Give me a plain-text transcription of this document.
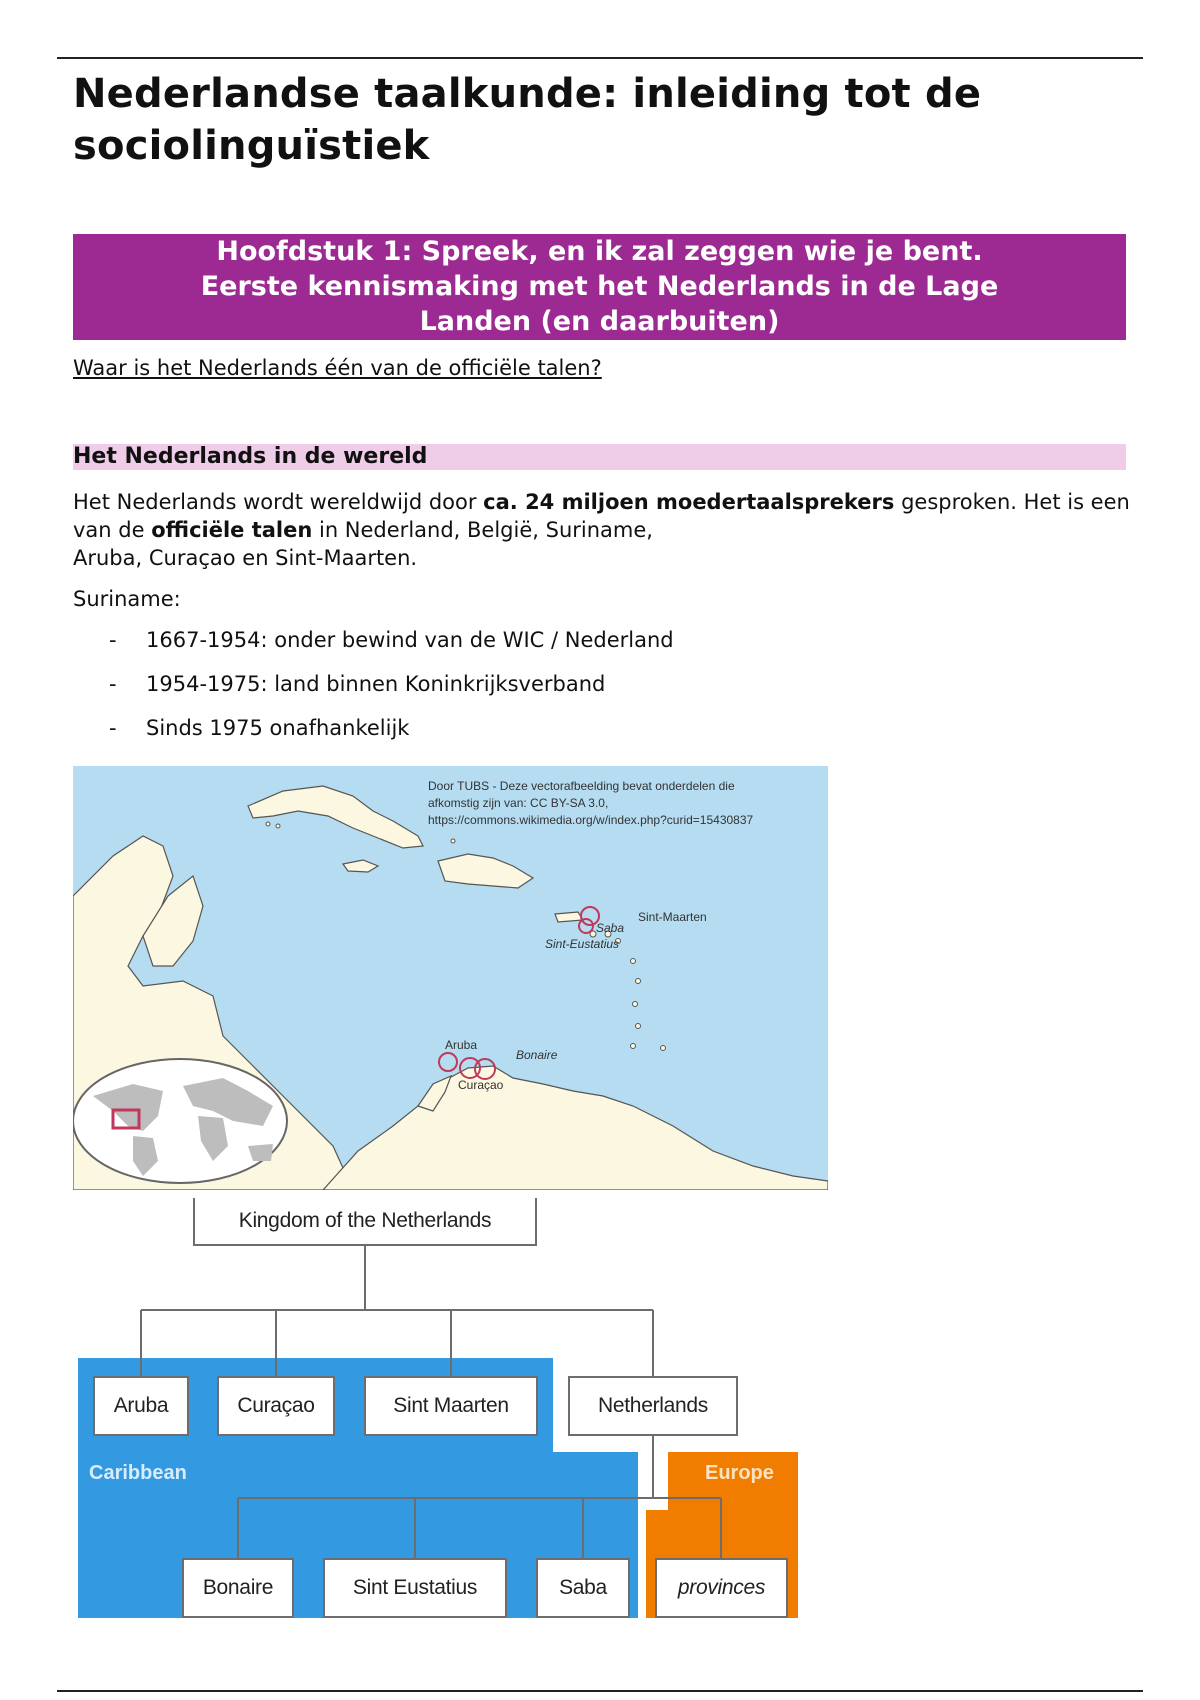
Nederlandse taalkunde: inleiding tot de sociolinguïstiek
Hoofdstuk 1: Spreek, en ik zal zeggen wie je bent. Eerste kennismaking met het Nederlands in de Lage Landen (en daarbuiten)
Waar is het Nederlands één van de officiële talen?
Het Nederlands in de wereld
Het Nederlands wordt wereldwijd door ca. 24 miljoen moedertaalsprekers gesproken. Het is een van de officiële talen in Nederland, België, Suriname,
Aruba, Curaçao en Sint-Maarten.
Suriname:
- 1667-1954: onder bewind van de WIC / Nederland
- 1954-1975: land binnen Koninkrijksverband
- Sinds 1975 onafhankelijk
Door TUBS - Deze vectorafbeelding bevat onderdelen die
afkomstig zijn van: CC BY-SA 3.0,
https://commons.wikimedia.org/w/index.php?curid=15430837
Sint-Maarten
Saba
Sint-Eustatius
Aruba
Bonaire
Curaçao
Kingdom of the Netherlands
Aruba	Curaçao	Sint Maarten	Netherlands
Caribbean	Europe
Bonaire	Sint Eustatius	Saba	provinces
